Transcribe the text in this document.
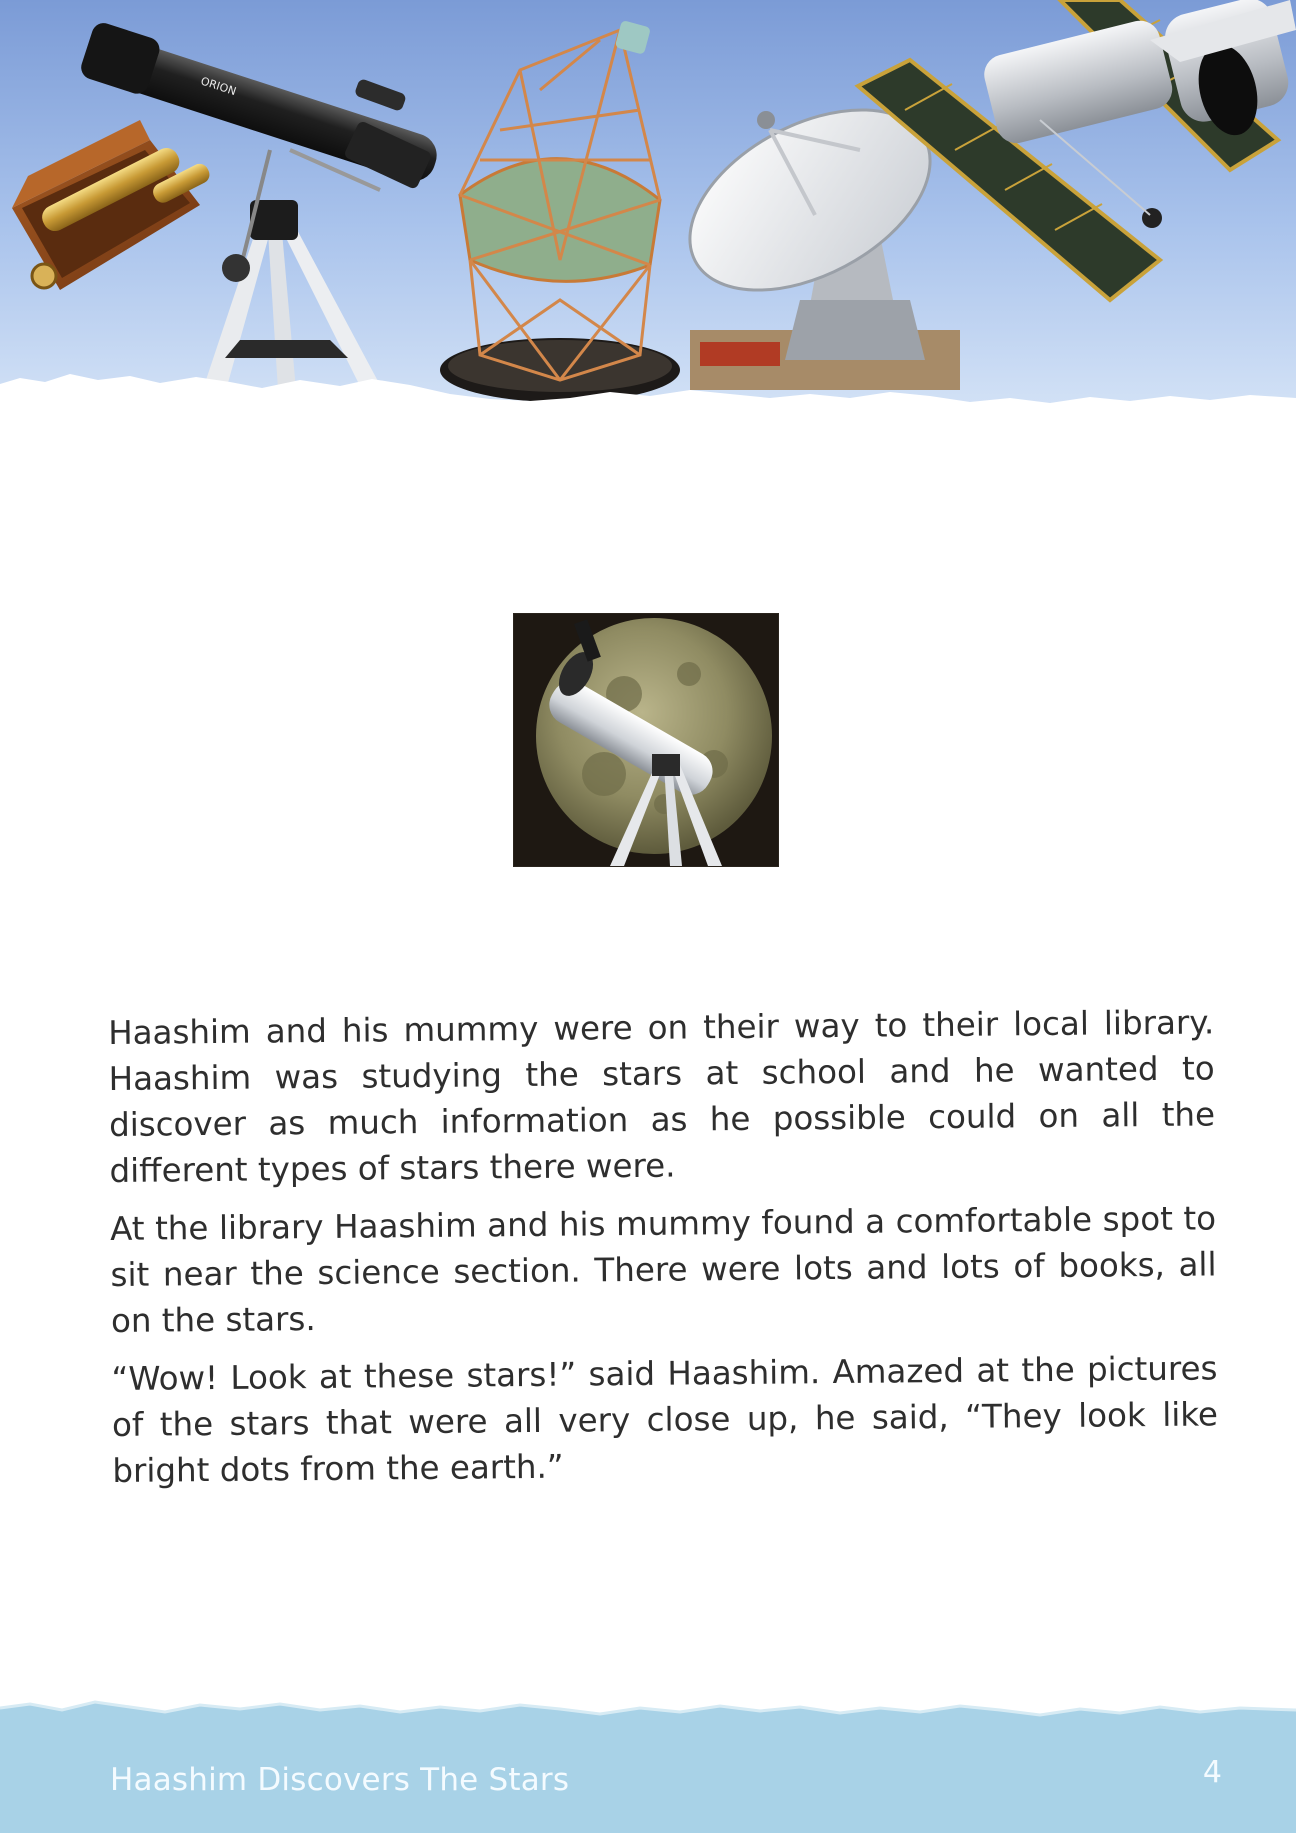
ORION

Haashim and his mummy were on their way to their local library. Haashim was studying the stars at school and he wanted to discover as much information as he possible could on all the different types of stars there were.

At the library Haashim and his mummy found a comfortable spot to sit near the science section. There were lots and lots of books, all on the stars.

“Wow! Look at these stars!” said Haashim. Amazed at the pictures of the stars that were all very close up, he said, “They look like bright dots from the earth.”

Haashim Discovers The Stars	4
